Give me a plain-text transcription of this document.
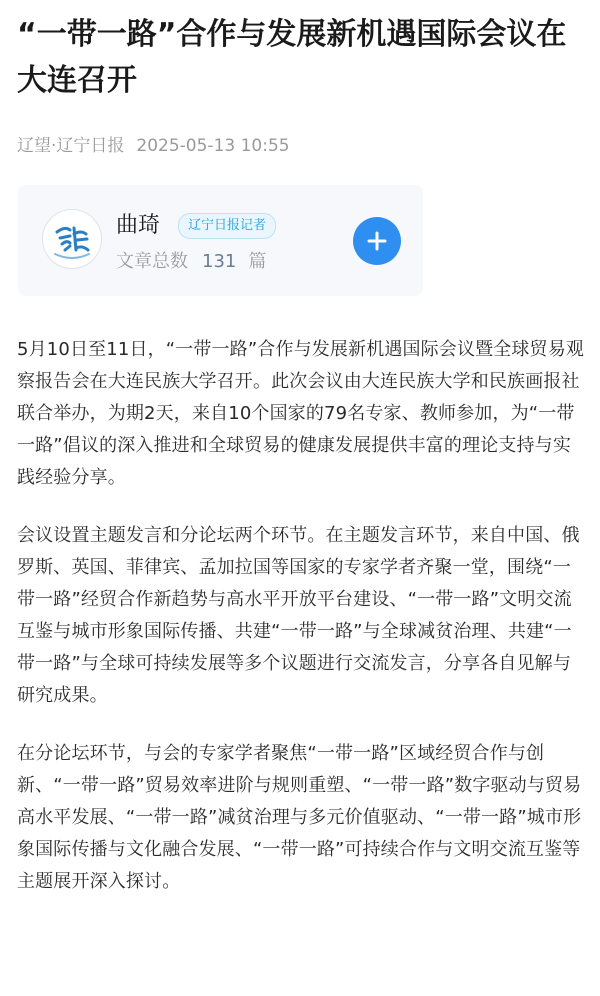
“一带一路”合作与发展新机遇国际会议在大连召开
辽望·辽宁日报 2025-05-13 10:55
曲琦	辽宁日报记者
文章总数 131 篇

5月10日至11日，“一带一路”合作与发展新机遇国际会议暨全球贸易观察报告会在大连民族大学召开。此次会议由大连民族大学和民族画报社联合举办，为期2天，来自10个国家的79名专家、教师参加，为“一带一路”倡议的深入推进和全球贸易的健康发展提供丰富的理论支持与实践经验分享。

会议设置主题发言和分论坛两个环节。在主题发言环节，来自中国、俄罗斯、英国、菲律宾、孟加拉国等国家的专家学者齐聚一堂，围绕“一带一路”经贸合作新趋势与高水平开放平台建设、“一带一路”文明交流互鉴与城市形象国际传播、共建“一带一路”与全球减贫治理、共建“一带一路”与全球可持续发展等多个议题进行交流发言，分享各自见解与研究成果。

在分论坛环节，与会的专家学者聚焦“一带一路”区域经贸合作与创新、“一带一路”贸易效率进阶与规则重塑、“一带一路”数字驱动与贸易高水平发展、“一带一路”减贫治理与多元价值驱动、“一带一路”城市形象国际传播与文化融合发展、“一带一路”可持续合作与文明交流互鉴等主题展开深入探讨。
